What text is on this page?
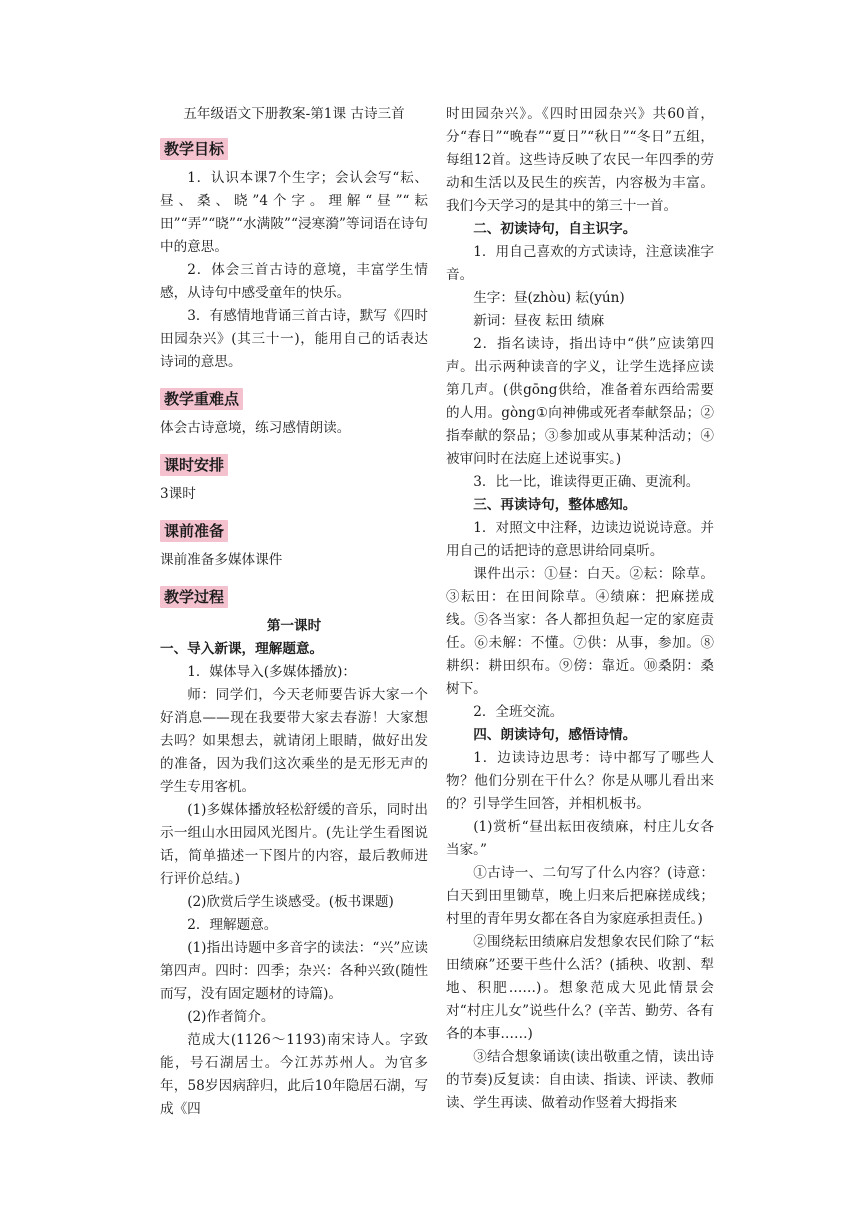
五年级语文下册教案-第1课 古诗三首
教学目标

1．认识本课7个生字；会认会写“耘、昼、桑、晓”4个字。理解“昼”“耘田”“弄”“晓”“水满陂”“浸寒漪”等词语在诗句中的意思。

2．体会三首古诗的意境，丰富学生情感，从诗句中感受童年的快乐。

3．有感情地背诵三首古诗，默写《四时田园杂兴》(其三十一)，能用自己的话表达诗词的意思。

教学重难点

体会古诗意境，练习感情朗读。

课时安排

3课时

课前准备

课前准备多媒体课件

教学过程

第一课时

一、导入新课，理解题意。

1．媒体导入(多媒体播放)：

师：同学们，今天老师要告诉大家一个好消息——现在我要带大家去春游！大家想去吗？如果想去，就请闭上眼睛，做好出发的准备，因为我们这次乘坐的是无形无声的学生专用客机。

(1)多媒体播放轻松舒缓的音乐，同时出示一组山水田园风光图片。(先让学生看图说话，简单描述一下图片的内容，最后教师进行评价总结。)

(2)欣赏后学生谈感受。(板书课题)

2．理解题意。

(1)指出诗题中多音字的读法：“兴”应读第四声。四时：四季；杂兴：各种兴致(随性而写，没有固定题材的诗篇)。

(2)作者简介。

范成大(1126～1193)南宋诗人。字致能，号石湖居士。今江苏苏州人。为官多年，58岁因病辞归，此后10年隐居石湖，写成《四

时田园杂兴》。《四时田园杂兴》共60首，分“春日”“晚春”“夏日”“秋日”“冬日”五组，每组12首。这些诗反映了农民一年四季的劳动和生活以及民生的疾苦，内容极为丰富。我们今天学习的是其中的第三十一首。

二、初读诗句，自主识字。

1．用自己喜欢的方式读诗，注意读准字音。

生字：昼(zhòu) 耘(yún)

新词：昼夜 耘田 绩麻

2．指名读诗，指出诗中“供”应读第四声。出示两种读音的字义，让学生选择应读第几声。(供gōng供给，准备着东西给需要的人用。gòng①向神佛或死者奉献祭品；②指奉献的祭品；③参加或从事某种活动；④被审问时在法庭上述说事实。)

3．比一比，谁读得更正确、更流利。

三、再读诗句，整体感知。

1．对照文中注释，边读边说说诗意。并用自己的话把诗的意思讲给同桌听。

课件出示：①昼：白天。②耘：除草。③耘田：在田间除草。④绩麻：把麻搓成线。⑤各当家：各人都担负起一定的家庭责任。⑥未解：不懂。⑦供：从事，参加。⑧耕织：耕田织布。⑨傍：靠近。⑩桑阴：桑树下。

2．全班交流。

四、朗读诗句，感悟诗情。

1．边读诗边思考：诗中都写了哪些人物？他们分别在干什么？你是从哪儿看出来的？引导学生回答，并相机板书。

(1)赏析“昼出耘田夜绩麻，村庄儿女各当家。”

①古诗一、二句写了什么内容？(诗意：白天到田里锄草，晚上归来后把麻搓成线；村里的青年男女都在各自为家庭承担责任。)

②围绕耘田绩麻启发想象农民们除了“耘田绩麻”还要干些什么活？(插秧、收割、犁地、积肥……)。想象范成大见此情景会对“村庄儿女”说些什么？(辛苦、勤劳、各有各的本事……)

③结合想象诵读(读出敬重之情，读出诗的节奏)反复读：自由读、指读、评读、教师读、学生再读、做着动作竖着大拇指来
